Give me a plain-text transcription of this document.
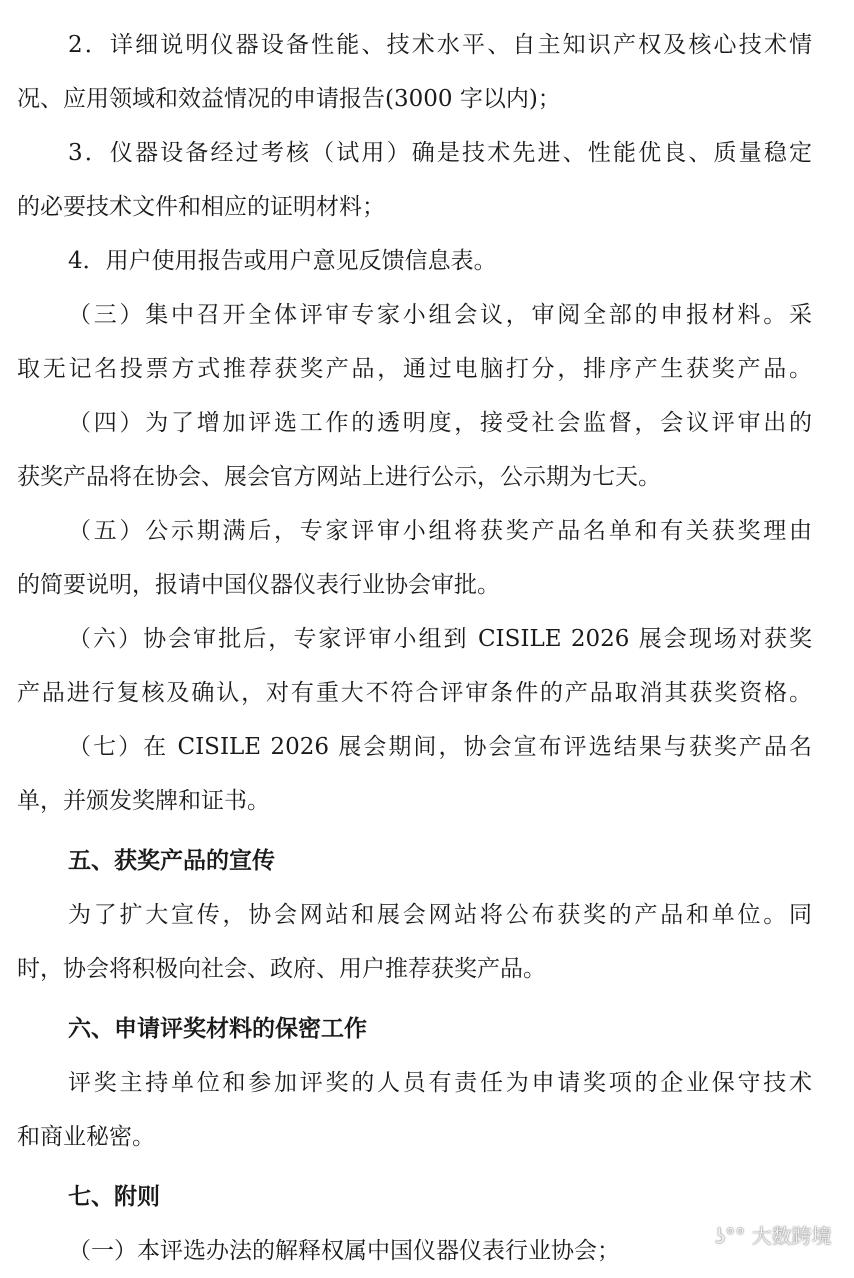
2．详细说明仪器设备性能、技术水平、自主知识产权及核心技术情
况、应用领域和效益情况的申请报告(3000 字以内)；
3．仪器设备经过考核（试用）确是技术先进、性能优良、质量稳定
的必要技术文件和相应的证明材料；
4．用户使用报告或用户意见反馈信息表。
（三）集中召开全体评审专家小组会议，审阅全部的申报材料。采
取无记名投票方式推荐获奖产品，通过电脑打分，排序产生获奖产品。
（四）为了增加评选工作的透明度，接受社会监督，会议评审出的
获奖产品将在协会、展会官方网站上进行公示，公示期为七天。
（五）公示期满后，专家评审小组将获奖产品名单和有关获奖理由
的简要说明，报请中国仪器仪表行业协会审批。
（六）协会审批后，专家评审小组到 CISILE 2026 展会现场对获奖
产品进行复核及确认，对有重大不符合评审条件的产品取消其获奖资格。
（七）在 CISILE 2026 展会期间，协会宣布评选结果与获奖产品名
单，并颁发奖牌和证书。
五、获奖产品的宣传
为了扩大宣传，协会网站和展会网站将公布获奖的产品和单位。同
时，协会将积极向社会、政府、用户推荐获奖产品。
六、申请评奖材料的保密工作
评奖主持单位和参加评奖的人员有责任为申请奖项的企业保守技术
和商业秘密。
七、附则
（一）本评选办法的解释权属中国仪器仪表行业协会；
ʖ°° 大数跨境
